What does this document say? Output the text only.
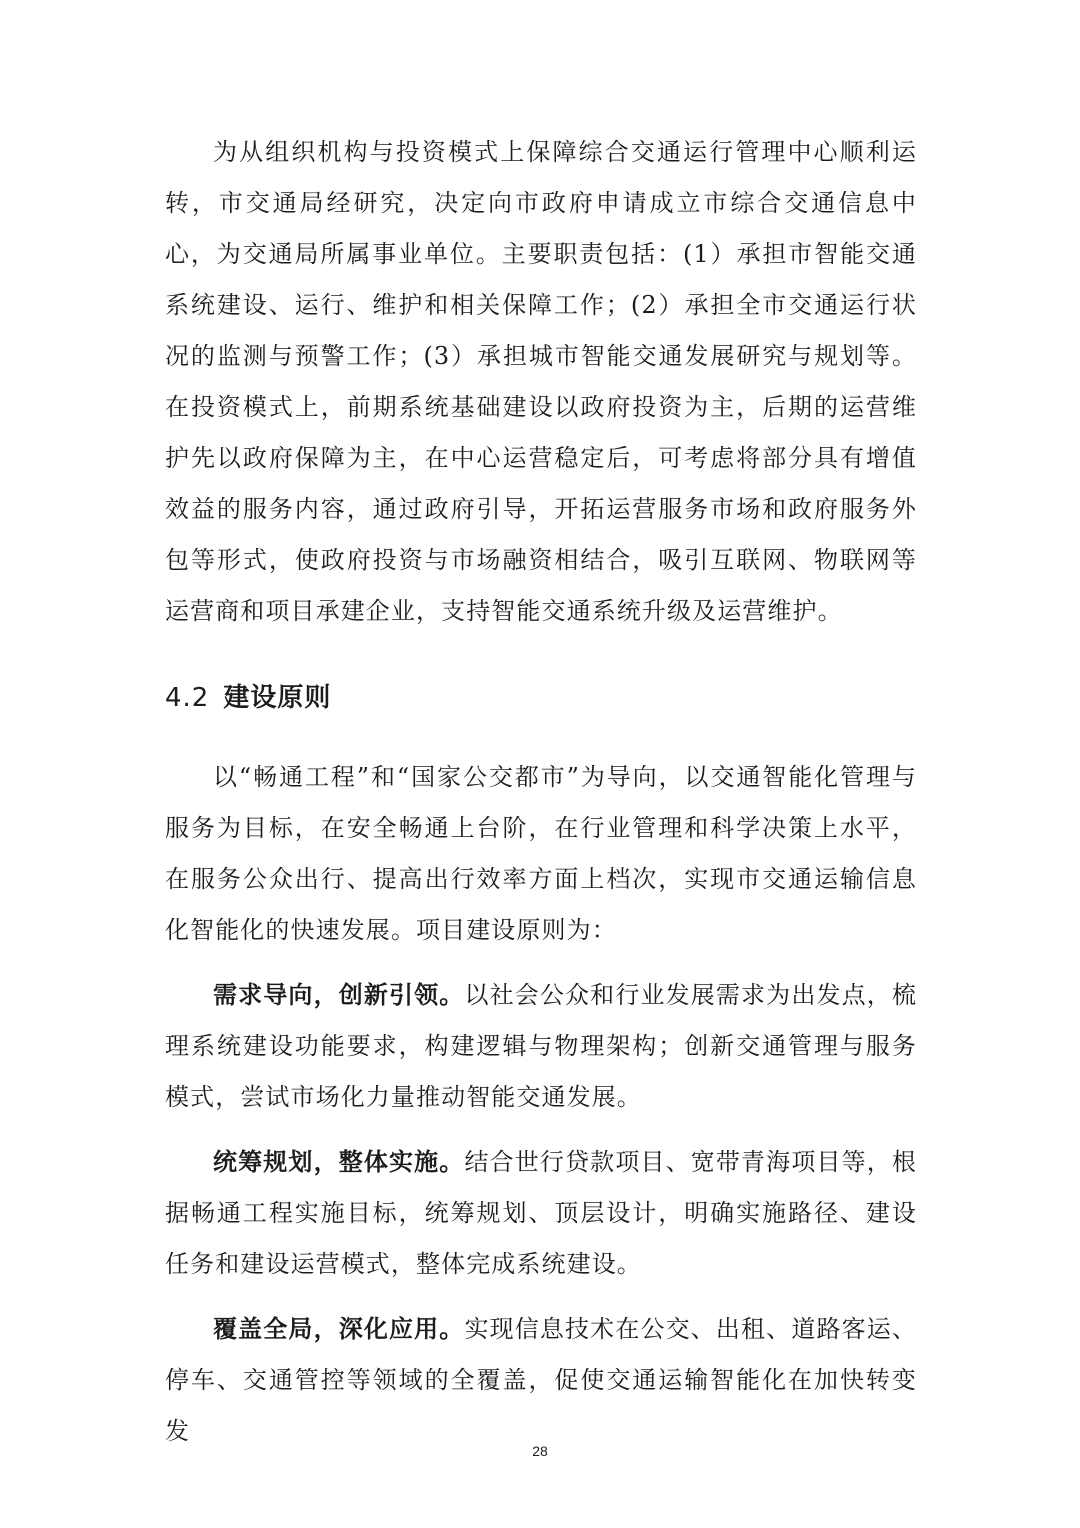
为从组织机构与投资模式上保障综合交通运行管理中心顺利运转，市交通局经研究，决定向市政府申请成立市综合交通信息中心，为交通局所属事业单位。主要职责包括：(1）承担市智能交通系统建设、运行、维护和相关保障工作；(2）承担全市交通运行状况的监测与预警工作；(3）承担城市智能交通发展研究与规划等。在投资模式上，前期系统基础建设以政府投资为主，后期的运营维护先以政府保障为主，在中心运营稳定后，可考虑将部分具有增值效益的服务内容，通过政府引导，开拓运营服务市场和政府服务外包等形式，使政府投资与市场融资相结合，吸引互联网、物联网等运营商和项目承建企业，支持智能交通系统升级及运营维护。

4.2 建设原则

以“畅通工程”和“国家公交都市”为导向，以交通智能化管理与服务为目标，在安全畅通上台阶，在行业管理和科学决策上水平，在服务公众出行、提高出行效率方面上档次，实现市交通运输信息化智能化的快速发展。项目建设原则为：

需求导向，创新引领。以社会公众和行业发展需求为出发点，梳理系统建设功能要求，构建逻辑与物理架构；创新交通管理与服务模式，尝试市场化力量推动智能交通发展。

统筹规划，整体实施。结合世行贷款项目、宽带青海项目等，根据畅通工程实施目标，统筹规划、顶层设计，明确实施路径、建设任务和建设运营模式，整体完成系统建设。

覆盖全局，深化应用。实现信息技术在公交、出租、道路客运、停车、交通管控等领域的全覆盖，促使交通运输智能化在加快转变发

28
